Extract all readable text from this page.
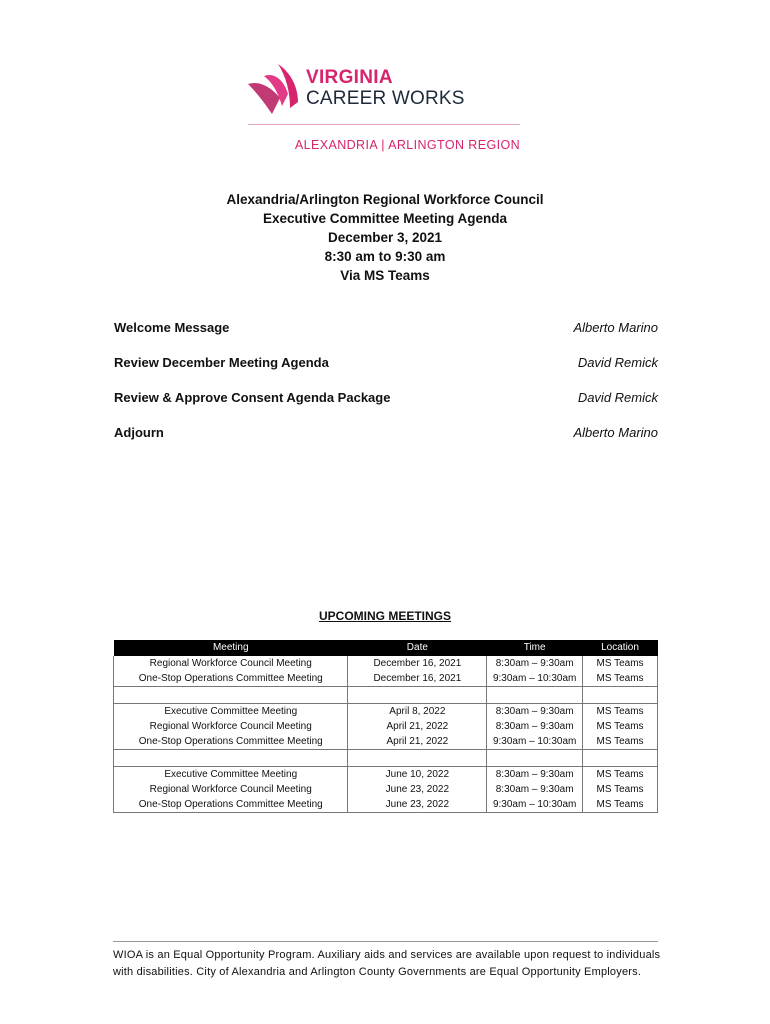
VIRGINIA
CAREER WORKS
ALEXANDRIA | ARLINGTON REGION
Alexandria/Arlington Regional Workforce Council
Executive Committee Meeting Agenda
December 3, 2021
8:30 am to 9:30 am
Via MS Teams
Welcome Message	Alberto Marino
Review December Meeting Agenda	David Remick
Review & Approve Consent Agenda Package	David Remick
Adjourn	Alberto Marino
UPCOMING MEETINGS
Meeting	Date	Time	Location
Regional Workforce Council Meeting	December 16, 2021	8:30am – 9:30am	MS Teams
One-Stop Operations Committee Meeting	December 16, 2021	9:30am – 10:30am	MS Teams

Executive Committee Meeting	April 8, 2022	8:30am – 9:30am	MS Teams
Regional Workforce Council Meeting	April 21, 2022	8:30am – 9:30am	MS Teams
One-Stop Operations Committee Meeting	April 21, 2022	9:30am – 10:30am	MS Teams

Executive Committee Meeting	June 10, 2022	8:30am – 9:30am	MS Teams
Regional Workforce Council Meeting	June 23, 2022	8:30am – 9:30am	MS Teams
One-Stop Operations Committee Meeting	June 23, 2022	9:30am – 10:30am	MS Teams
WIOA is an Equal Opportunity Program. Auxiliary aids and services are available upon request to individuals
with disabilities. City of Alexandria and Arlington County Governments are Equal Opportunity Employers.
